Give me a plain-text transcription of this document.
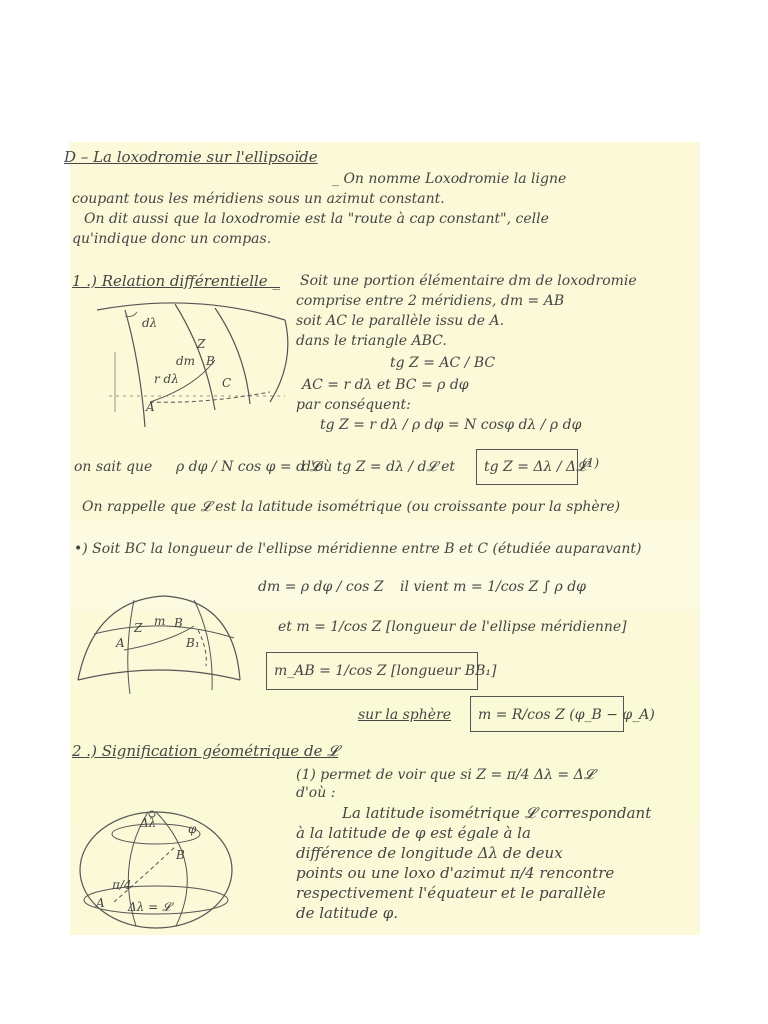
D – La loxodromie sur l'ellipsoïde
_ On nomme Loxodromie la ligne
coupant tous les méridiens sous un azimut constant.
On dit aussi que la loxodromie est la "route à cap constant", celle
qu'indique donc un compas.
1 .) Relation différentielle _ Soit une portion élémentaire dm de loxodromie
comprise entre 2 méridiens, dm = AB
soit AC le parallèle issu de A.
dans le triangle ABC.
tg Z = AC / BC
AC = r dλ et BC = ρ dφ
par conséquent:
tg Z = r dλ / ρ dφ = N cosφ dλ / ρ dφ
dλ
Z
dm B
A
C
r dλ
on sait que ρ dφ / N cos φ = d 𝓛
d'où tg Z = dλ / d𝓛 et tg Z = Δλ / Δ𝓛
(1)
On rappelle que 𝓛 est la latitude isométrique (ou croissante pour la sphère)
•) Soit BC la longueur de l'ellipse méridienne entre B et C (étudiée auparavant)
dm = ρ dφ / cos Z il vient m = 1/cos Z ∫ ρ dφ
et m = 1/cos Z [longueur de l'ellipse méridienne]
Z m B
A	B₁
m_AB = 1/cos Z [longueur BB₁]
sur la sphère m = R/cos Z (φ_B − φ_A)
2 .) Signification géométrique de 𝓛
(1) permet de voir que si Z = π/4 Δλ = Δ𝓛
d'où :
La latitude isométrique 𝓛 correspondant
à la latitude de φ est égale à la
différence de longitude Δλ de deux
points ou une loxo d'azimut π/4 rencontre
respectivement l'équateur et le parallèle
de latitude φ.
Δλ	φ
B
π/4
A Δλ = 𝓛
